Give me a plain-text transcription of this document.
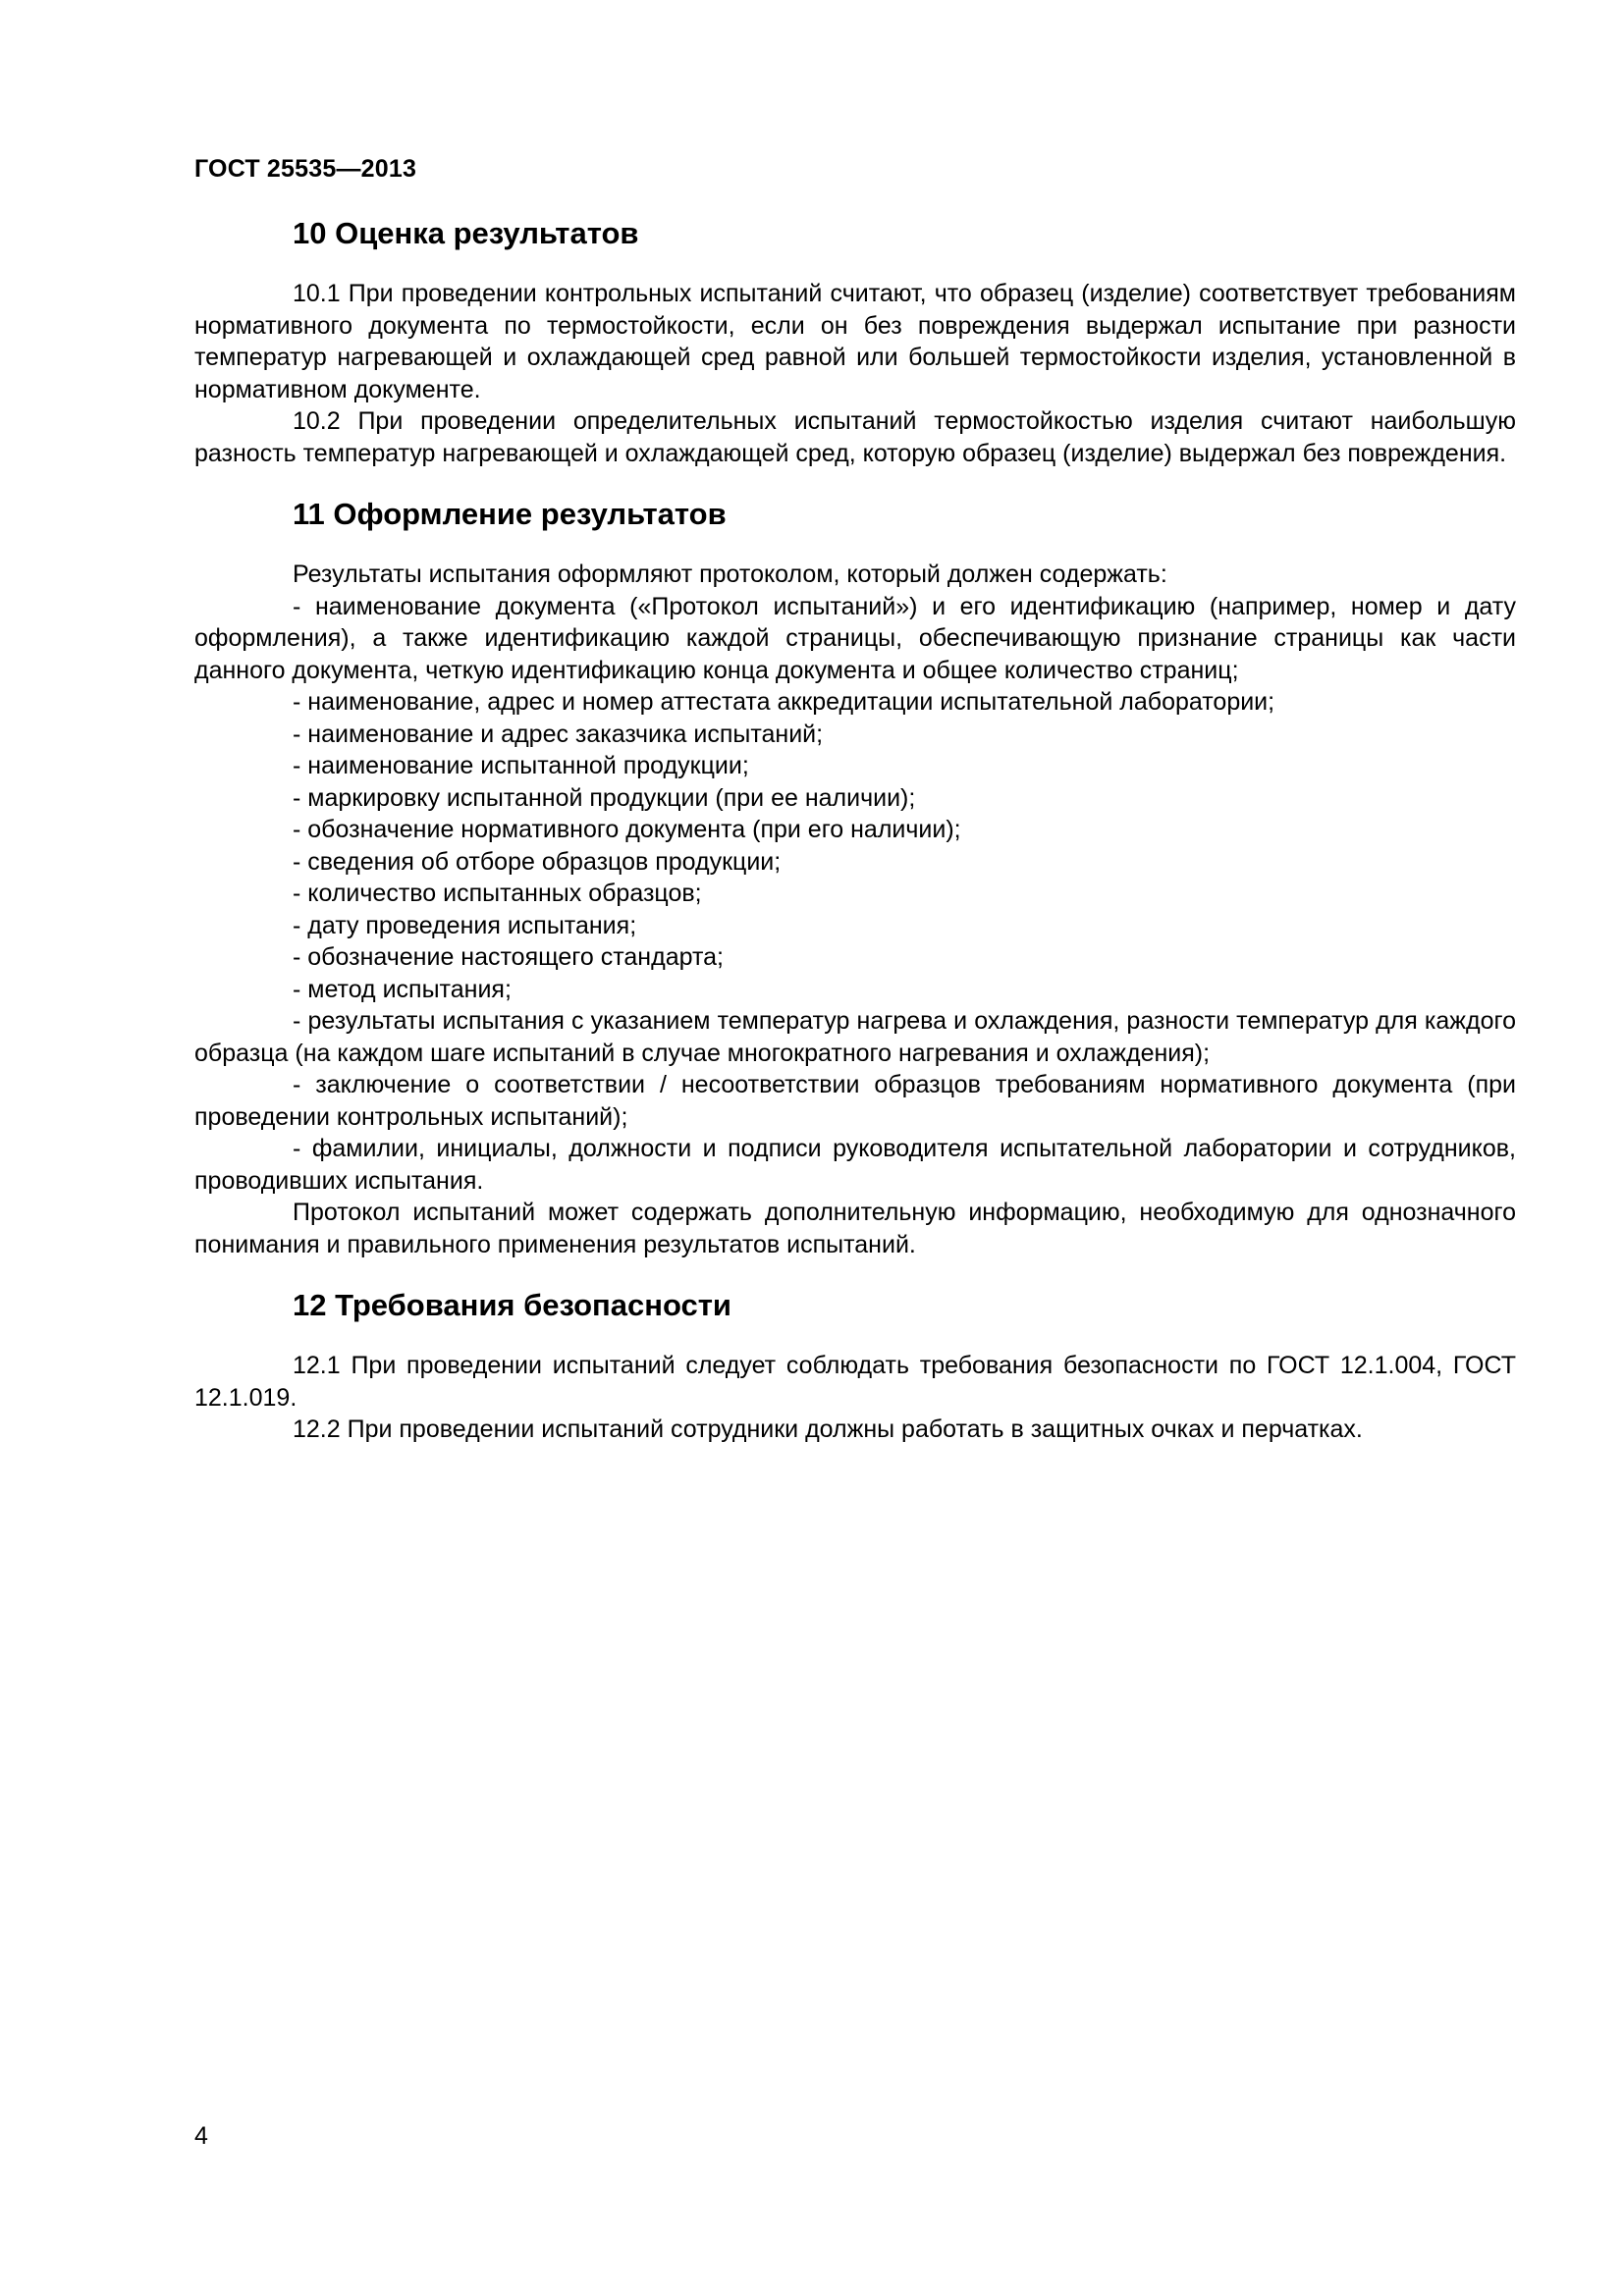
ГОСТ 25535—2013
10 Оценка результатов

10.1 При проведении контрольных испытаний считают, что образец (изделие) соответствует требованиям нормативного документа по термостойкости, если он без повреждения выдержал испытание при разности температур нагревающей и охлаждающей сред равной или большей термостойкости изделия, установленной в нормативном документе.

10.2 При проведении определительных испытаний термостойкостью изделия считают наибольшую разность температур нагревающей и охлаждающей сред, которую образец (изделие) выдержал без повреждения.

11 Оформление результатов

Результаты испытания оформляют протоколом, который должен содержать:

- наименование документа («Протокол испытаний») и его идентификацию (например, номер и дату оформления), а также идентификацию каждой страницы, обеспечивающую признание страницы как части данного документа, четкую идентификацию конца документа и общее количество страниц;

- наименование, адрес и номер аттестата аккредитации испытательной лаборатории;

- наименование и адрес заказчика испытаний;

- наименование испытанной продукции;

- маркировку испытанной продукции (при ее наличии);

- обозначение нормативного документа (при его наличии);

- сведения об отборе образцов продукции;

- количество испытанных образцов;

- дату проведения испытания;

- обозначение настоящего стандарта;

- метод испытания;

- результаты испытания с указанием температур нагрева и охлаждения, разности температур для каждого образца (на каждом шаге испытаний в случае многократного нагревания и охлаждения);

- заключение о соответствии / несоответствии образцов требованиям нормативного документа (при проведении контрольных испытаний);

- фамилии, инициалы, должности и подписи руководителя испытательной лаборатории и сотрудников, проводивших испытания.

Протокол испытаний может содержать дополнительную информацию, необходимую для однозначного понимания и правильного применения результатов испытаний.

12 Требования безопасности

12.1 При проведении испытаний следует соблюдать требования безопасности по ГОСТ 12.1.004, ГОСТ 12.1.019.

12.2 При проведении испытаний сотрудники должны работать в защитных очках и перчатках.

4
